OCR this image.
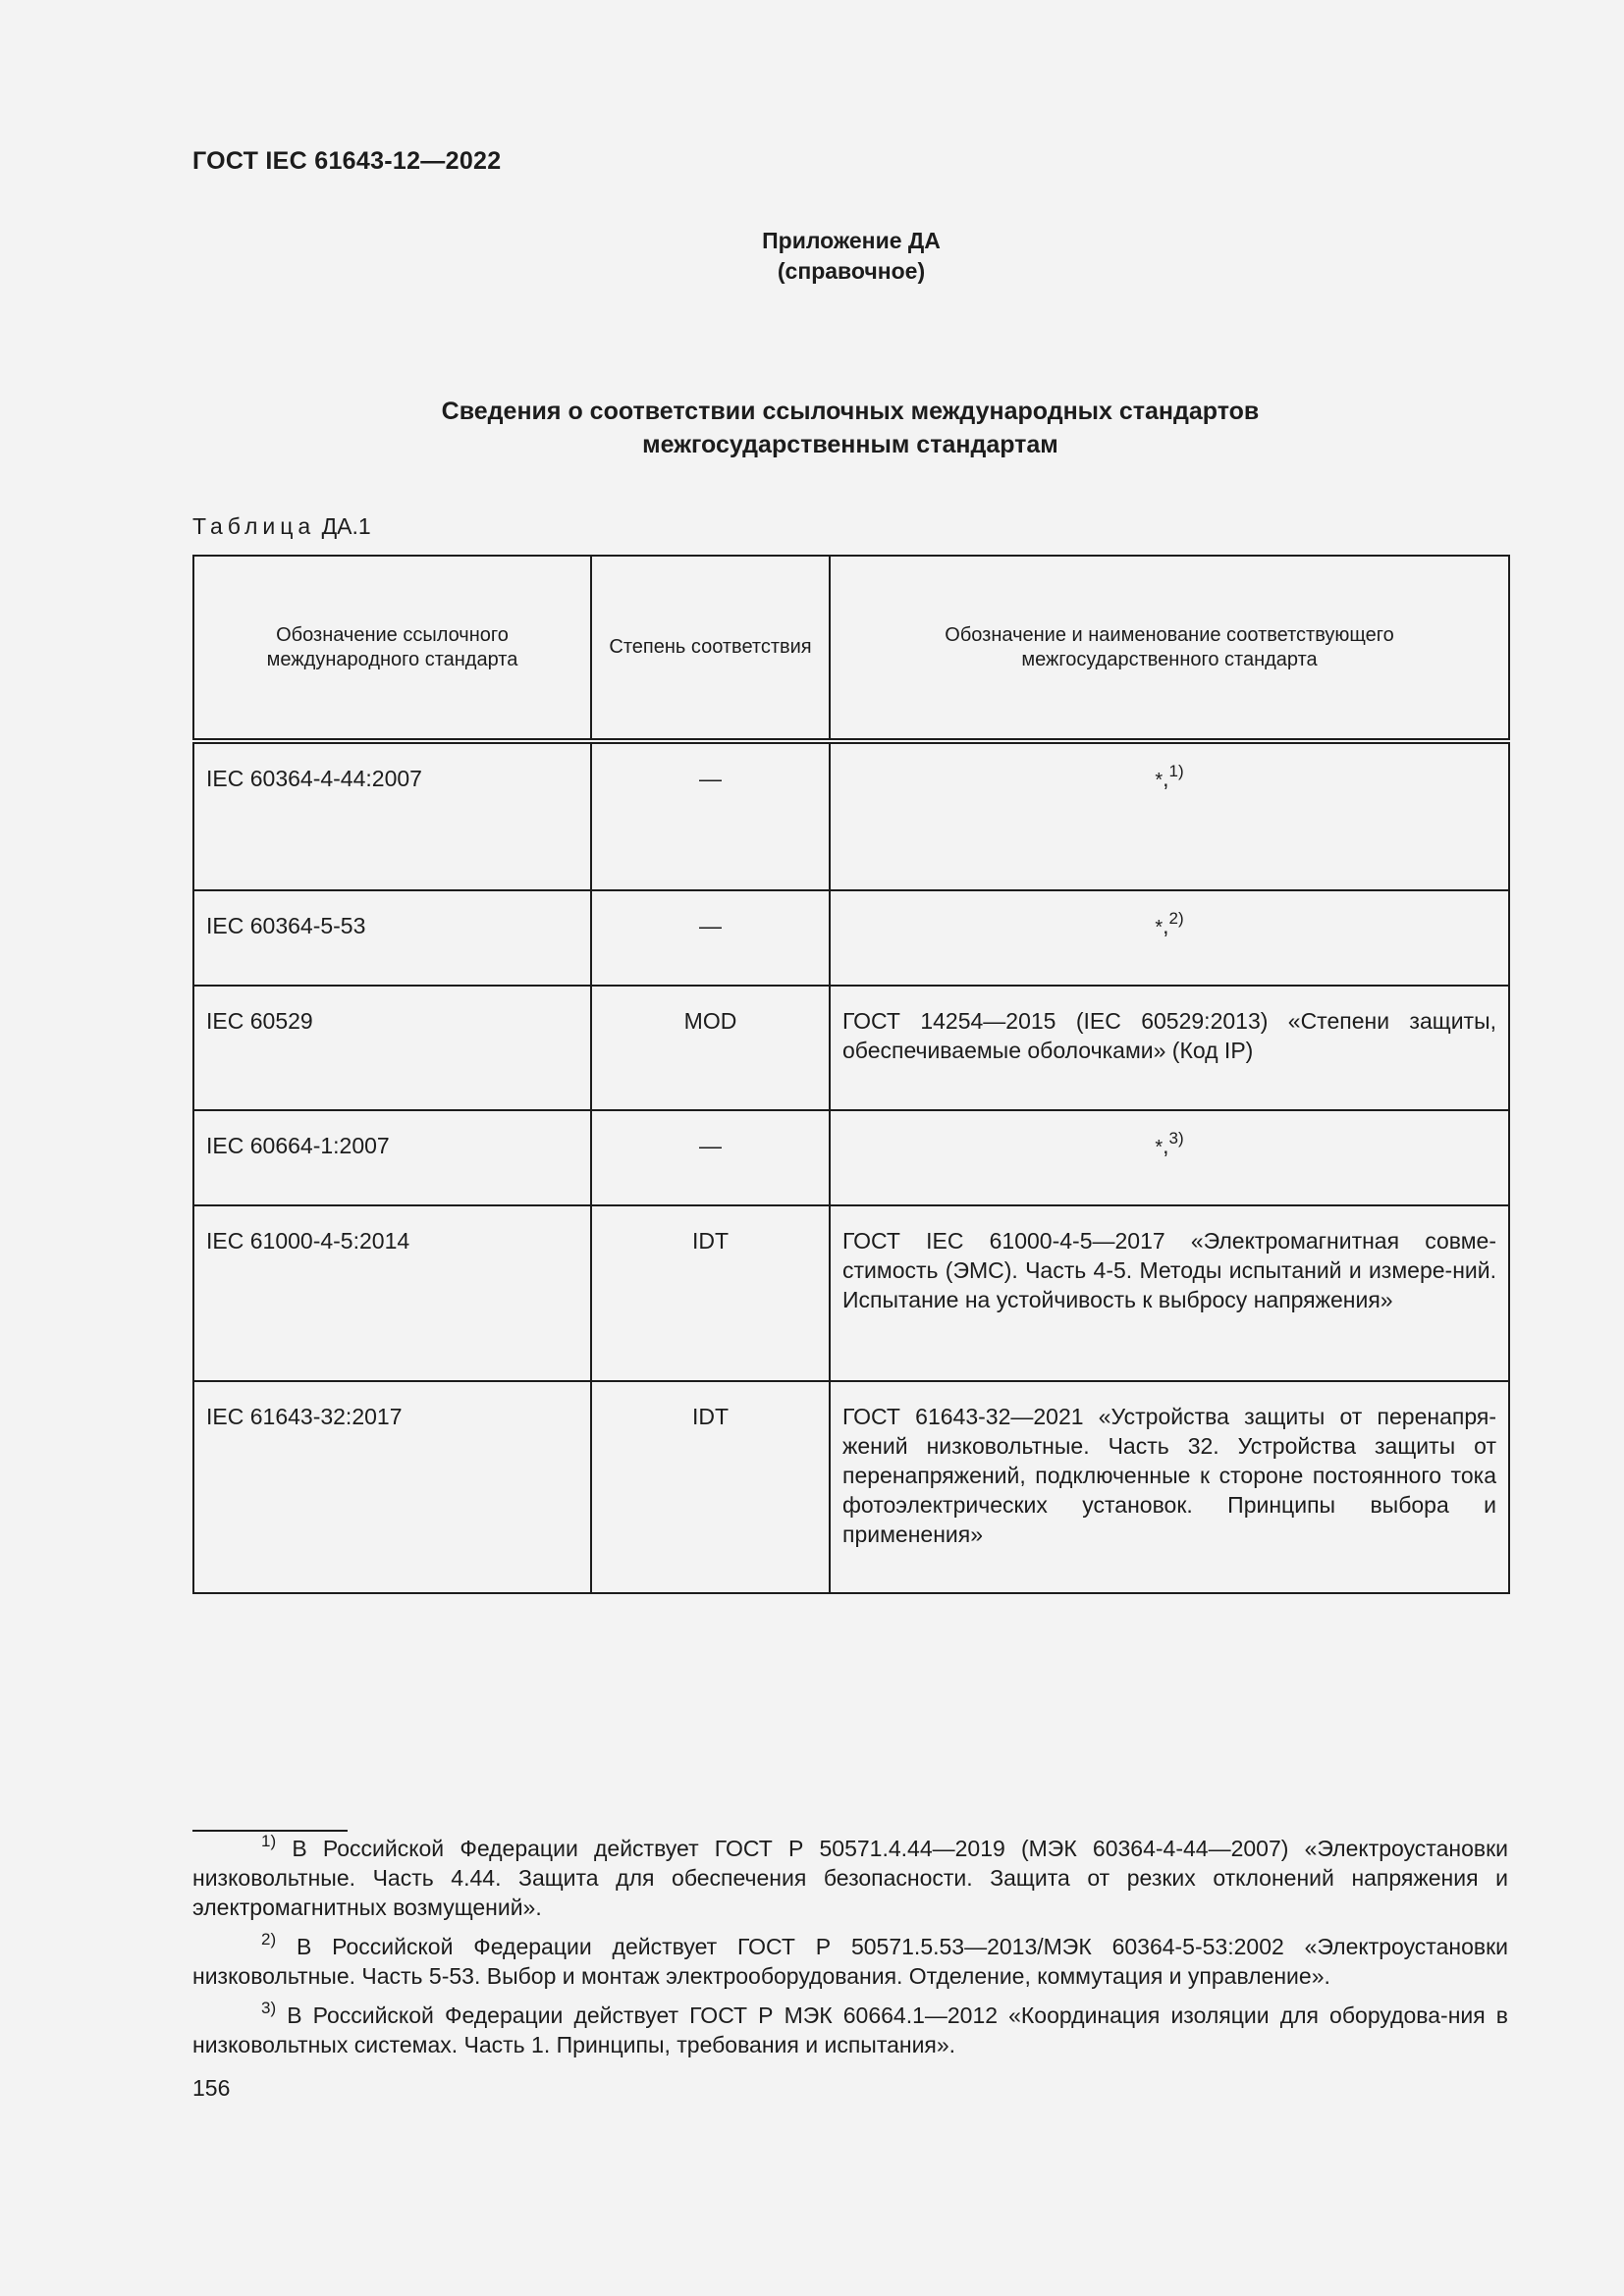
ГОСТ IEC 61643-12—2022
Приложение ДА
(справочное)
Сведения о соответствии ссылочных международных стандартов
межгосударственным стандартам
Таблица ДА.1
Обозначение ссылочного международного стандарта	Степень соответствия	Обозначение и наименование соответствующего межгосударственного стандарта
IEC 60364-4-44:2007	—	*,$^{1)}$
IEC 60364-5-53	—	*,$^{2)}$
IEC 60529	MOD	ГОСТ 14254—2015 (IEC 60529:2013) «Степени защиты, обеспечиваемые оболочками» (Код IP)
IEC 60664-1:2007	—	*,$^{3)}$
IEC 61000-4-5:2014	IDT	ГОСТ IEC 61000-4-5—2017 «Электромагнитная совме-стимость (ЭМС). Часть 4-5. Методы испытаний и измере-ний. Испытание на устойчивость к выбросу напряжения»
IEC 61643-32:2017	IDT	ГОСТ 61643-32—2021 «Устройства защиты от перенапря-жений низковольтные. Часть 32. Устройства защиты от перенапряжений, подключенные к стороне постоянного тока фотоэлектрических установок. Принципы выбора и применения»

$^{1)}$ В Российской Федерации действует ГОСТ Р 50571.4.44—2019 (МЭК 60364-4-44—2007) «Электроустановки низковольтные. Часть 4.44. Защита для обеспечения безопасности. Защита от резких отклонений напряжения и электромагнитных возмущений».

$^{2)}$ В Российской Федерации действует ГОСТ Р 50571.5.53—2013/МЭК 60364-5-53:2002 «Электроустановки низковольтные. Часть 5-53. Выбор и монтаж электрооборудования. Отделение, коммутация и управление».

$^{3)}$ В Российской Федерации действует ГОСТ Р МЭК 60664.1—2012 «Координация изоляции для оборудова-ния в низковольтных системах. Часть 1. Принципы, требования и испытания».

156
